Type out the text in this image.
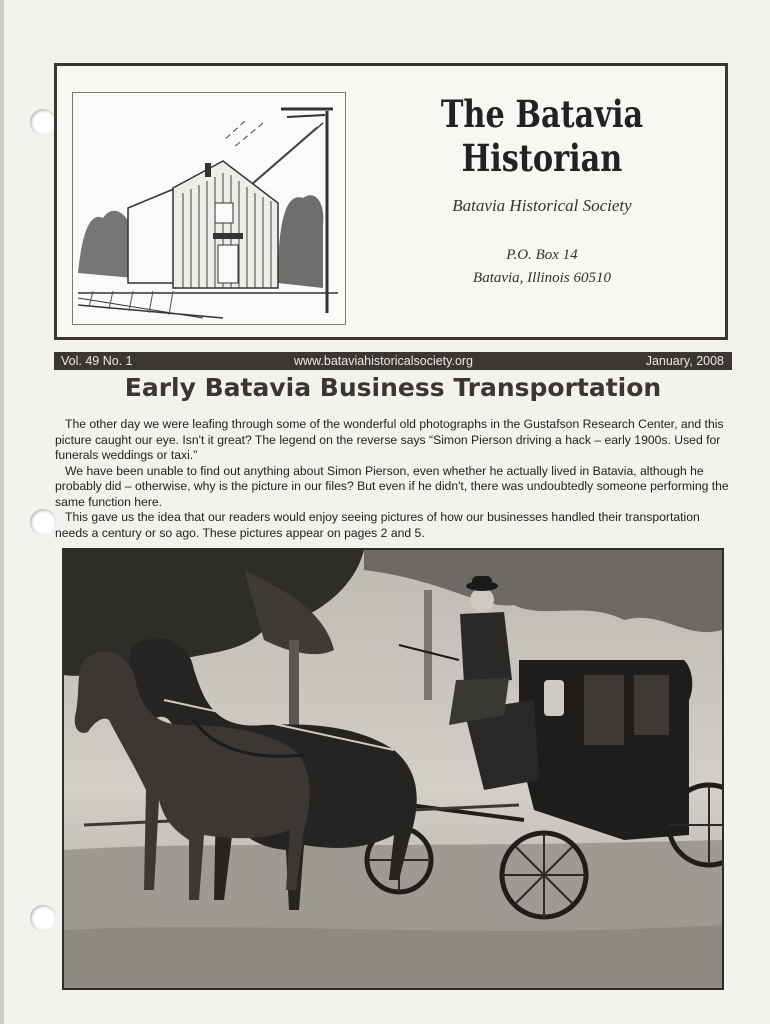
The Batavia Historian
Batavia Historical Society
P.O. Box 14
Batavia, Illinois 60510
Vol. 49 No. 1	www.bataviahistoricalsociety.org	January, 2008
Early Batavia Business Transportation

The other day we were leafing through some of the wonderful old photographs in the Gustafson Research Center, and this picture caught our eye. Isn't it great? The legend on the reverse says “Simon Pierson driving a hack – early 1900s. Used for funerals weddings or taxi.”

We have been unable to find out anything about Simon Pierson, even whether he actually lived in Batavia, although he probably did – otherwise, why is the picture in our files? But even if he didn't, there was undoubtedly someone performing the same function here.

This gave us the idea that our readers would enjoy seeing pictures of how our businesses handled their transportation needs a century or so ago. These pictures appear on pages 2 and 5.
